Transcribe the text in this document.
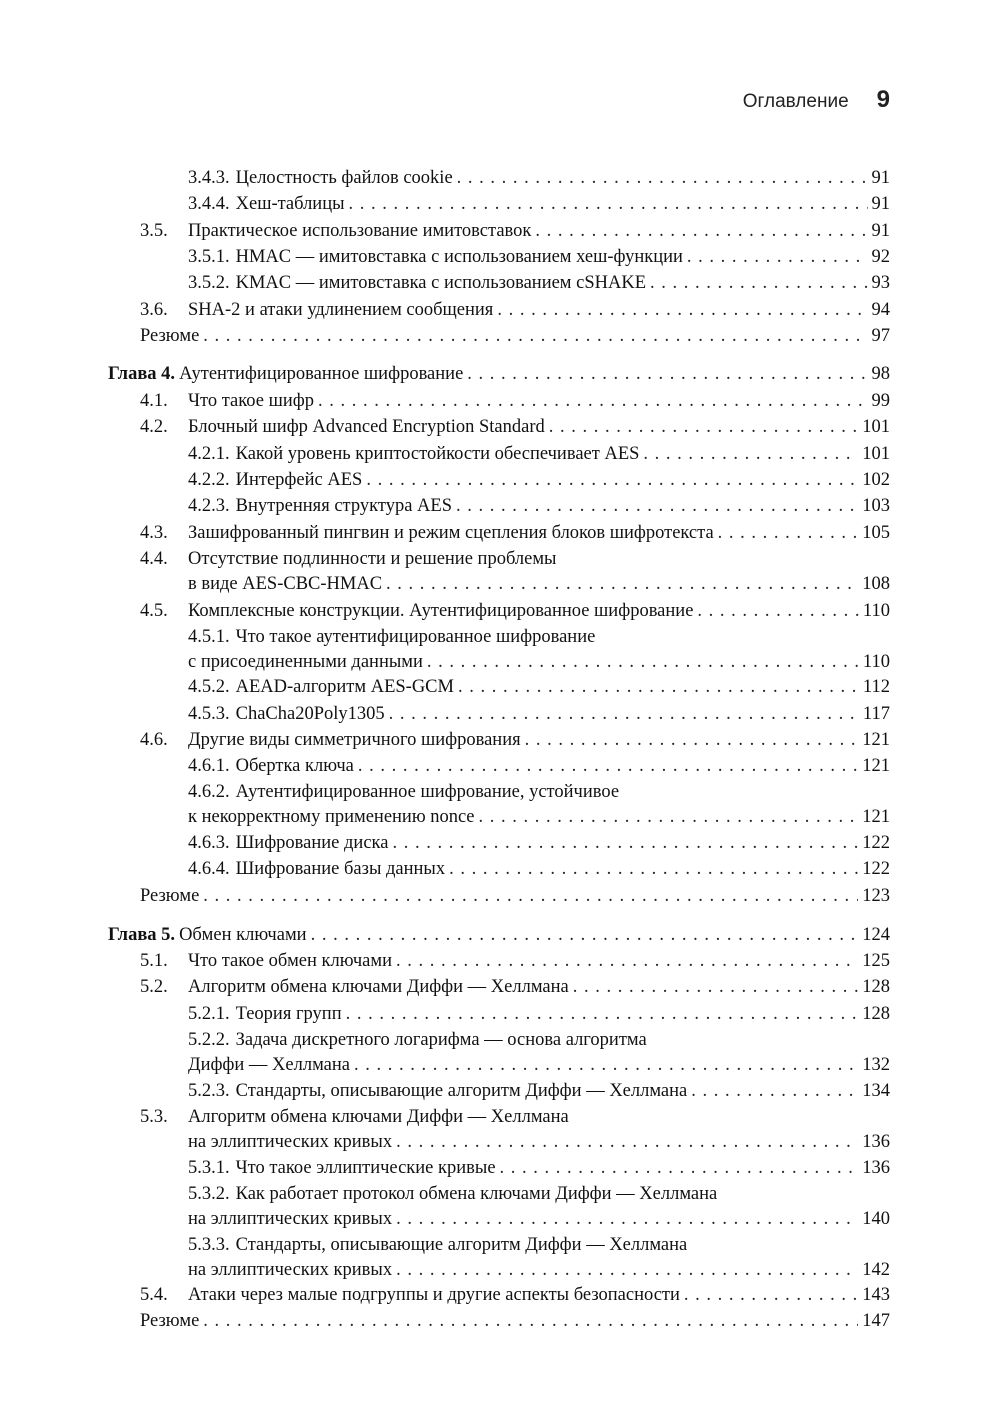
Оглавление 9
3.4.3. Целостность файлов cookie . . .	91
3.4.4. Хеш-таблицы . . .	91
3.5.	Практическое использование имитовставок . . .	91
3.5.1. HMAC — имитовставка с использованием хеш-функции . . .	92
3.5.2. KMAC — имитовставка с использованием cSHAKE . . .	93
3.6.	SHA-2 и атаки удлинением сообщения . . .	94
Резюме . . .	97
Глава 4. Аутентифицированное шифрование . . .	98
4.1.	Что такое шифр . . .	99
4.2.	Блочный шифр Advanced Encryption Standard . . .	101
4.2.1. Какой уровень криптостойкости обеспечивает AES . . .	101
4.2.2. Интерфейс AES . . .	102
4.2.3. Внутренняя структура AES . . .	103
4.3.	Зашифрованный пингвин и режим сцепления блоков шифротекста . . .	105
4.4.	Отсутствие подлинности и решение проблемы
в виде AES-CBC-HMAC . . .	108
4.5.	Комплексные конструкции. Аутентифицированное шифрование . . .	110
4.5.1. Что такое аутентифицированное шифрование
с присоединенными данными . . .	110
4.5.2. AEAD-алгоритм AES-GCM . . .	112
4.5.3. ChaCha20Poly1305 . . .	117
4.6.	Другие виды симметричного шифрования . . .	121
4.6.1. Обертка ключа . . .	121
4.6.2. Аутентифицированное шифрование, устойчивое
к некорректному применению nonce . . .	121
4.6.3. Шифрование диска . . .	122
4.6.4. Шифрование базы данных . . .	122
Резюме . . .	123
Глава 5. Обмен ключами . . .	124
5.1.	Что такое обмен ключами . . .	125
5.2.	Алгоритм обмена ключами Диффи — Хеллмана . . .	128
5.2.1. Теория групп . . .	128
5.2.2. Задача дискретного логарифма — основа алгоритма
Диффи — Хеллмана . . .	132
5.2.3. Стандарты, описывающие алгоритм Диффи — Хеллмана . . .	134
5.3.	Алгоритм обмена ключами Диффи — Хеллмана
на эллиптических кривых . . .	136
5.3.1. Что такое эллиптические кривые . . .	136
5.3.2. Как работает протокол обмена ключами Диффи — Хеллмана
на эллиптических кривых . . .	140
5.3.3. Стандарты, описывающие алгоритм Диффи — Хеллмана
на эллиптических кривых . . .	142
5.4.	Атаки через малые подгруппы и другие аспекты безопасности . . .	143
Резюме . . .	147
